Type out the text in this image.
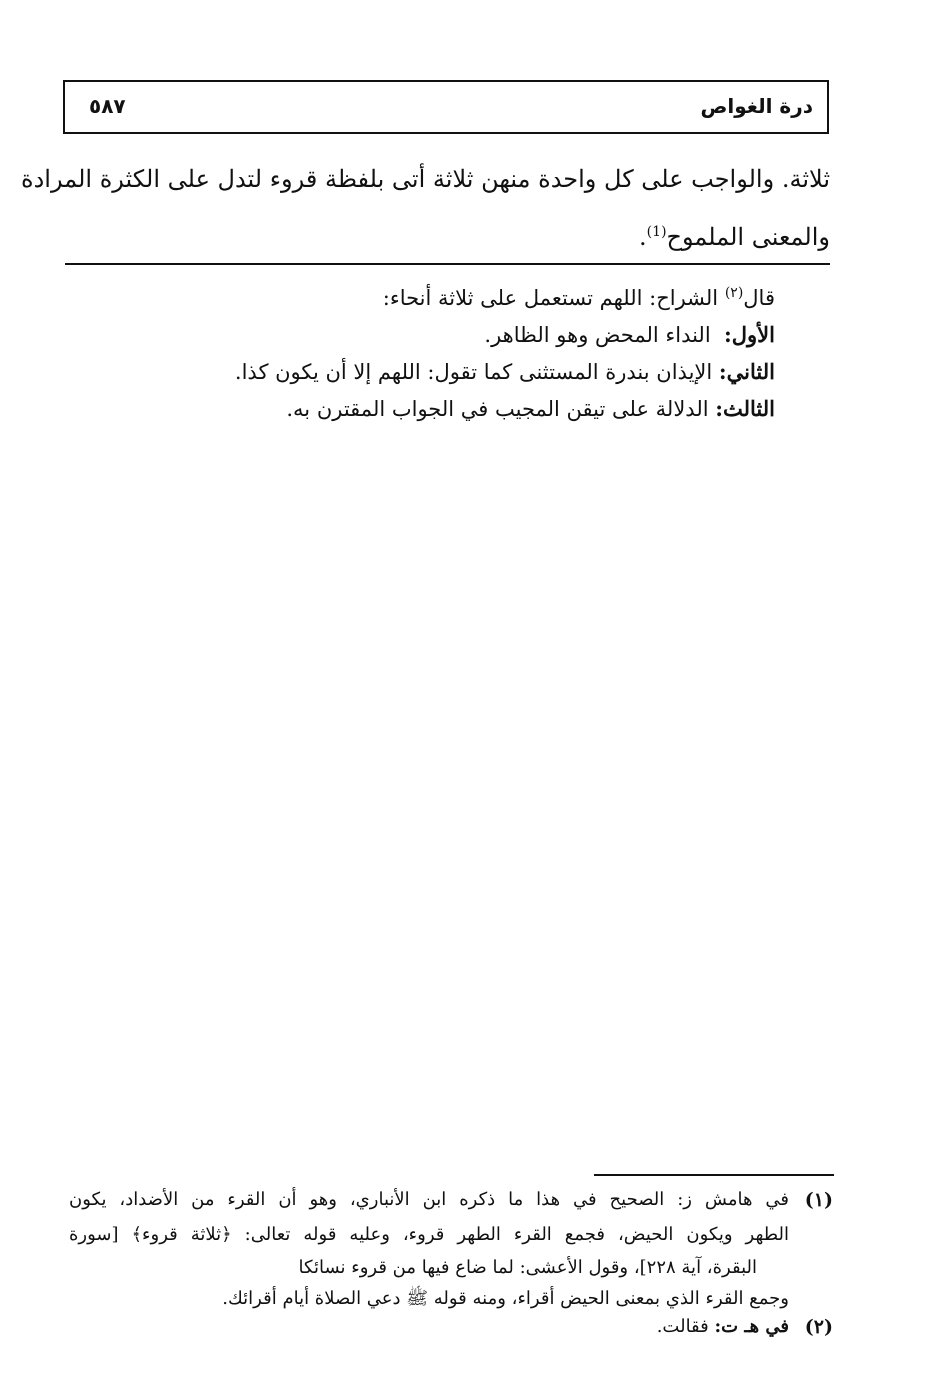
درة الغواص
٥٨٧
ثلاثة. والواجب على كل واحدة منهن ثلاثة أتى بلفظة قروء لتدل على الكثرة المرادة
والمعنى الملموح$^{(1)}$.
قال$^{(٢)}$ الشراح: اللهم تستعمل على ثلاثة أنحاء:
الأول:  النداء المحض وهو الظاهر.
الثاني: الإيذان بندرة المستثنى كما تقول: اللهم إلا أن يكون كذا.
الثالث: الدلالة على تيقن المجيب في الجواب المقترن به.
(١)
في هامش ز: الصحيح في هذا ما ذكره ابن الأنباري، وهو أن القرء من الأضداد، يكون
الطهر ويكون الحيض، فجمع القرء الطهر قروء، وعليه قوله تعالى: ﴿ثلاثة قروء﴾ [سورة
البقرة، آية ٢٢٨]، وقول الأعشى: لما ضاع فيها من قروء نسائكا
وجمع القرء الذي بمعنى الحيض أقراء، ومنه قوله ﷺ دعي الصلاة أيام أقرائك.
(٢)
في هـ ت: فقالت.
